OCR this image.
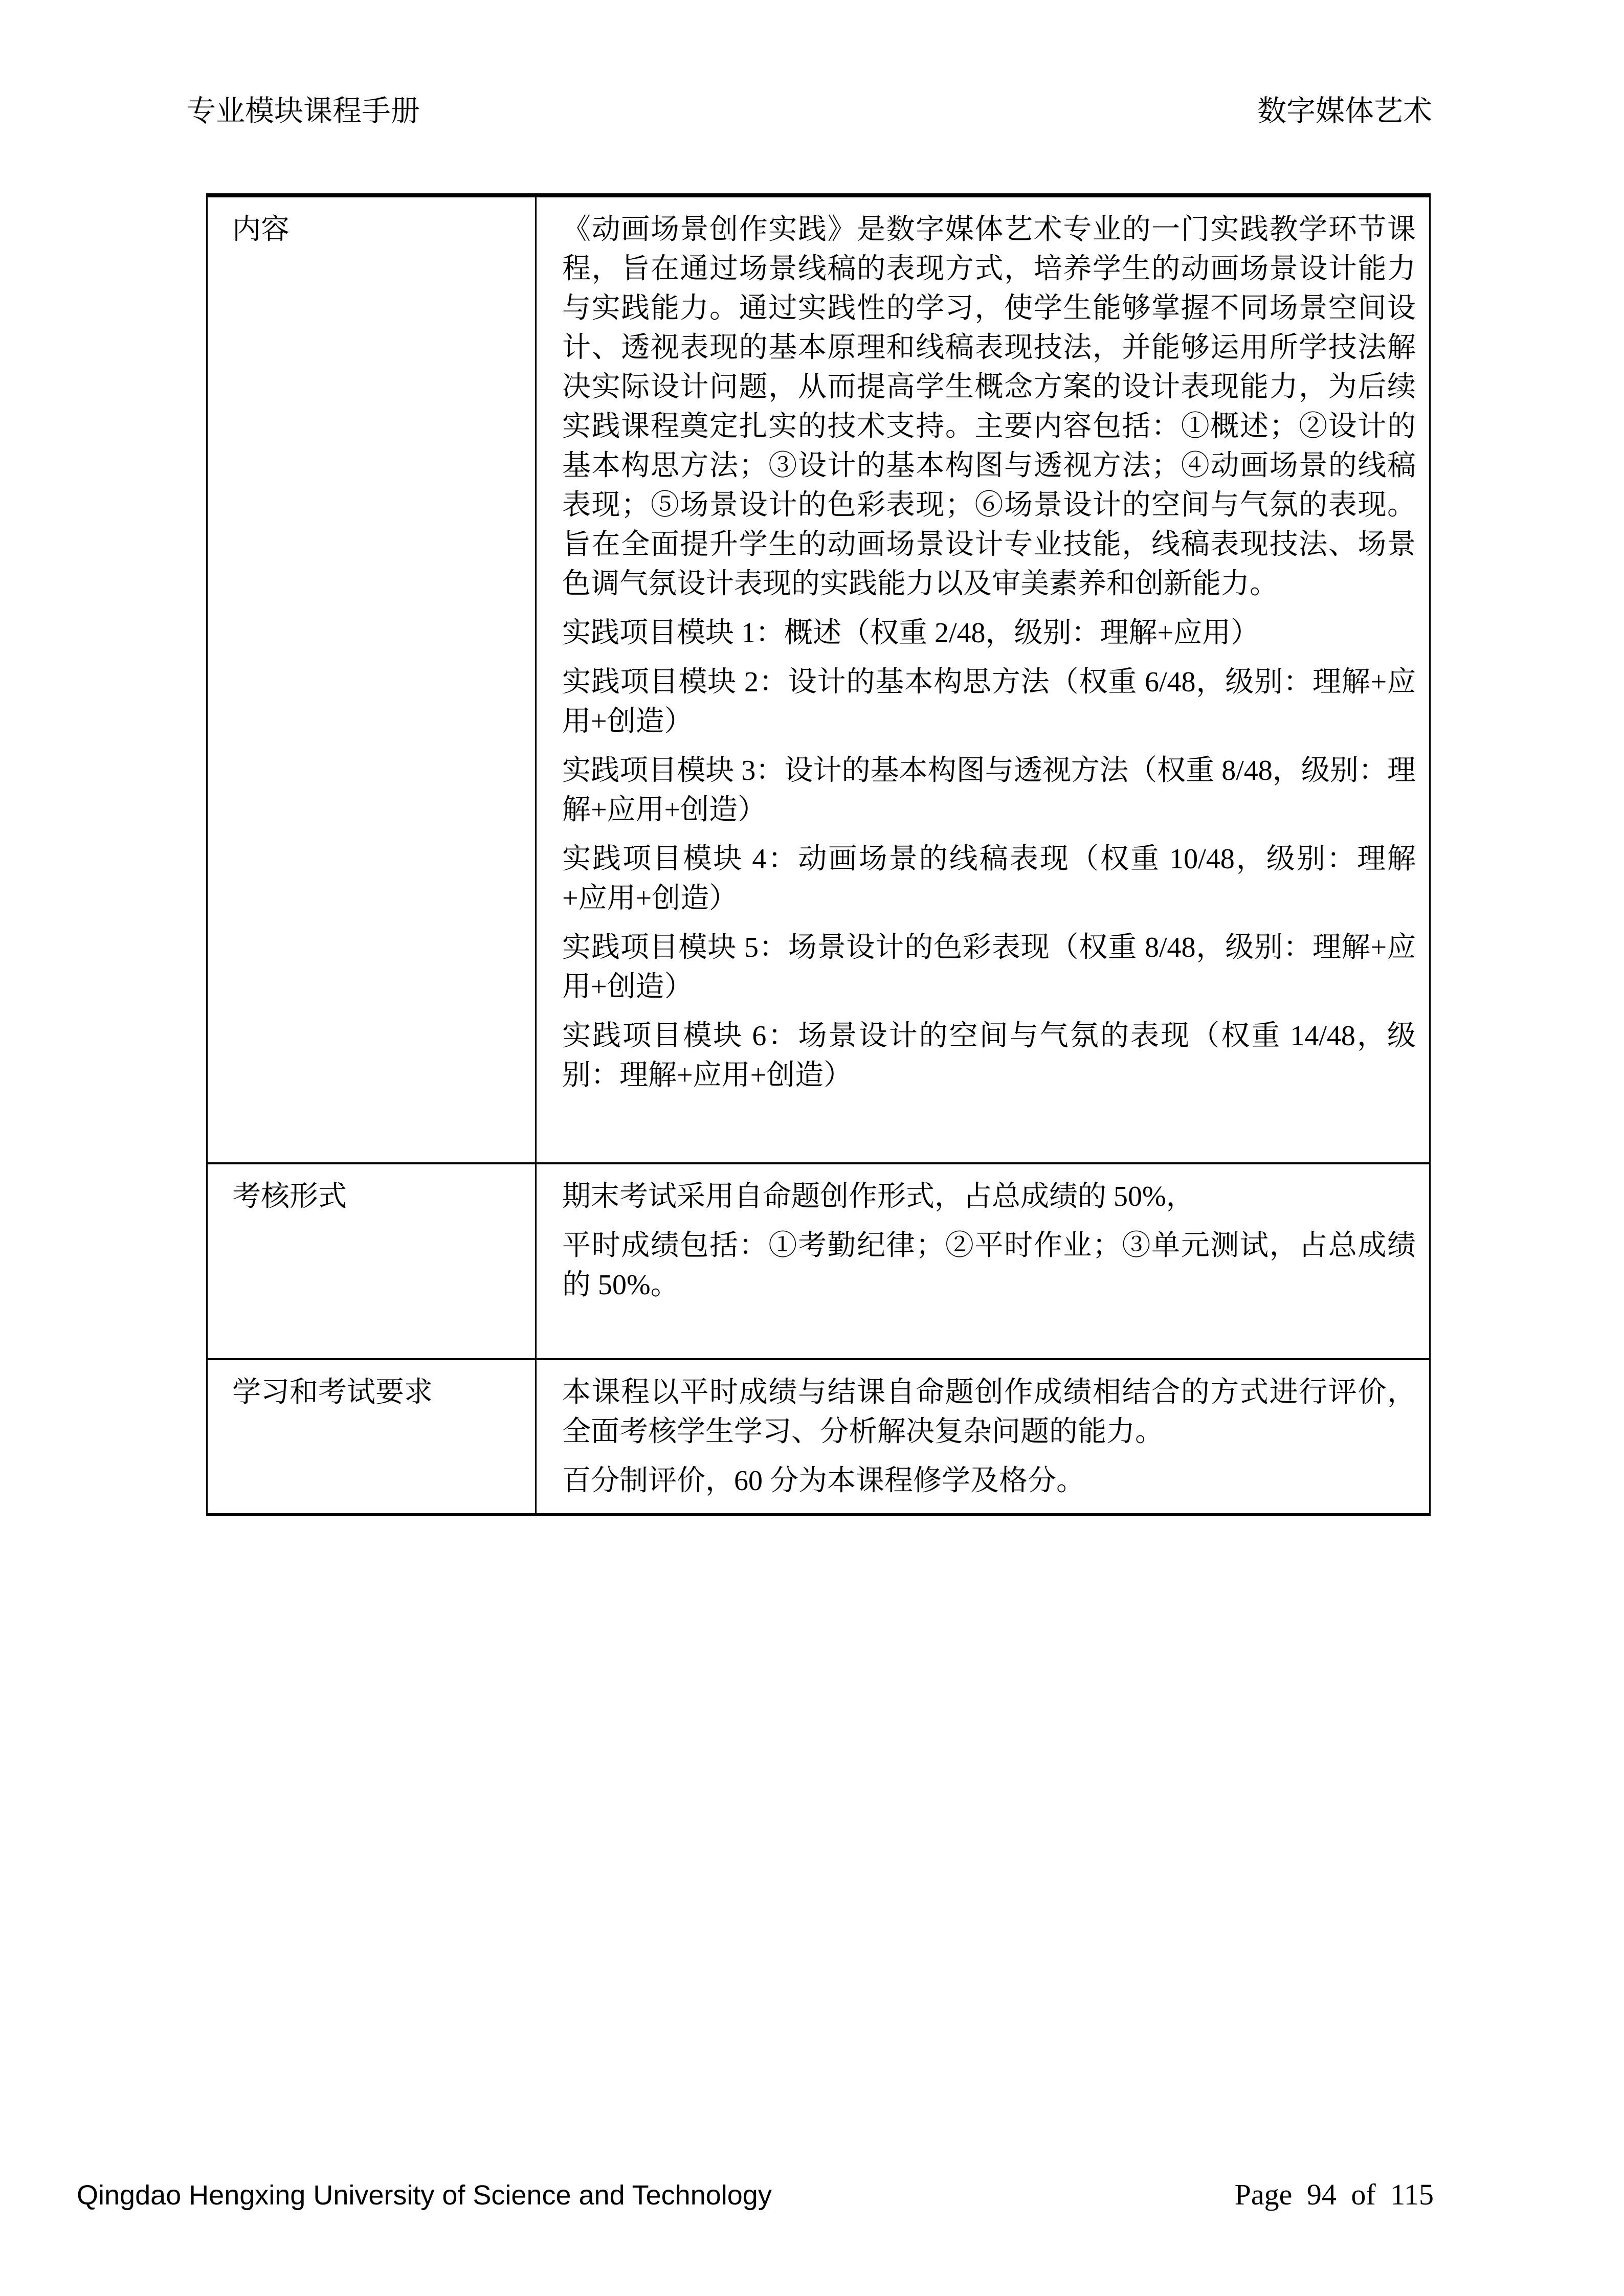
专业模块课程手册	数字媒体艺术
内容	《动画场景创作实践》是数字媒体艺术专业的一门实践教学环节课程，旨在通过场景线稿的表现方式，培养学生的动画场景设计能力与实践能力。通过实践性的学习，使学生能够掌握不同场景空间设计、透视表现的基本原理和线稿表现技法，并能够运用所学技法解决实际设计问题，从而提高学生概念方案的设计表现能力，为后续实践课程奠定扎实的技术支持。主要内容包括：①概述；②设计的基本构思方法；③设计的基本构图与透视方法；④动画场景的线稿表现；⑤场景设计的色彩表现；⑥场景设计的空间与气氛的表现。旨在全面提升学生的动画场景设计专业技能，线稿表现技法、场景色调气氛设计表现的实践能力以及审美素养和创新能力。

实践项目模块 1：概述（权重 2/48，级别：理解+应用）

实践项目模块 2：设计的基本构思方法（权重 6/48，级别：理解+应用+创造）

实践项目模块 3：设计的基本构图与透视方法（权重 8/48，级别：理解+应用+创造）

实践项目模块 4：动画场景的线稿表现（权重 10/48，级别：理解+应用+创造）

实践项目模块 5：场景设计的色彩表现（权重 8/48，级别：理解+应用+创造）

实践项目模块 6：场景设计的空间与气氛的表现（权重 14/48，级别：理解+应用+创造）

考核形式	期末考试采用自命题创作形式，占总成绩的 50%，

平时成绩包括：①考勤纪律；②平时作业；③单元测试，占总成绩的 50%。

学习和考试要求	本课程以平时成绩与结课自命题创作成绩相结合的方式进行评价，全面考核学生学习、分析解决复杂问题的能力。

百分制评价，60 分为本课程修学及格分。

Qingdao Hengxing University of Science and Technology	Page 94 of 115
